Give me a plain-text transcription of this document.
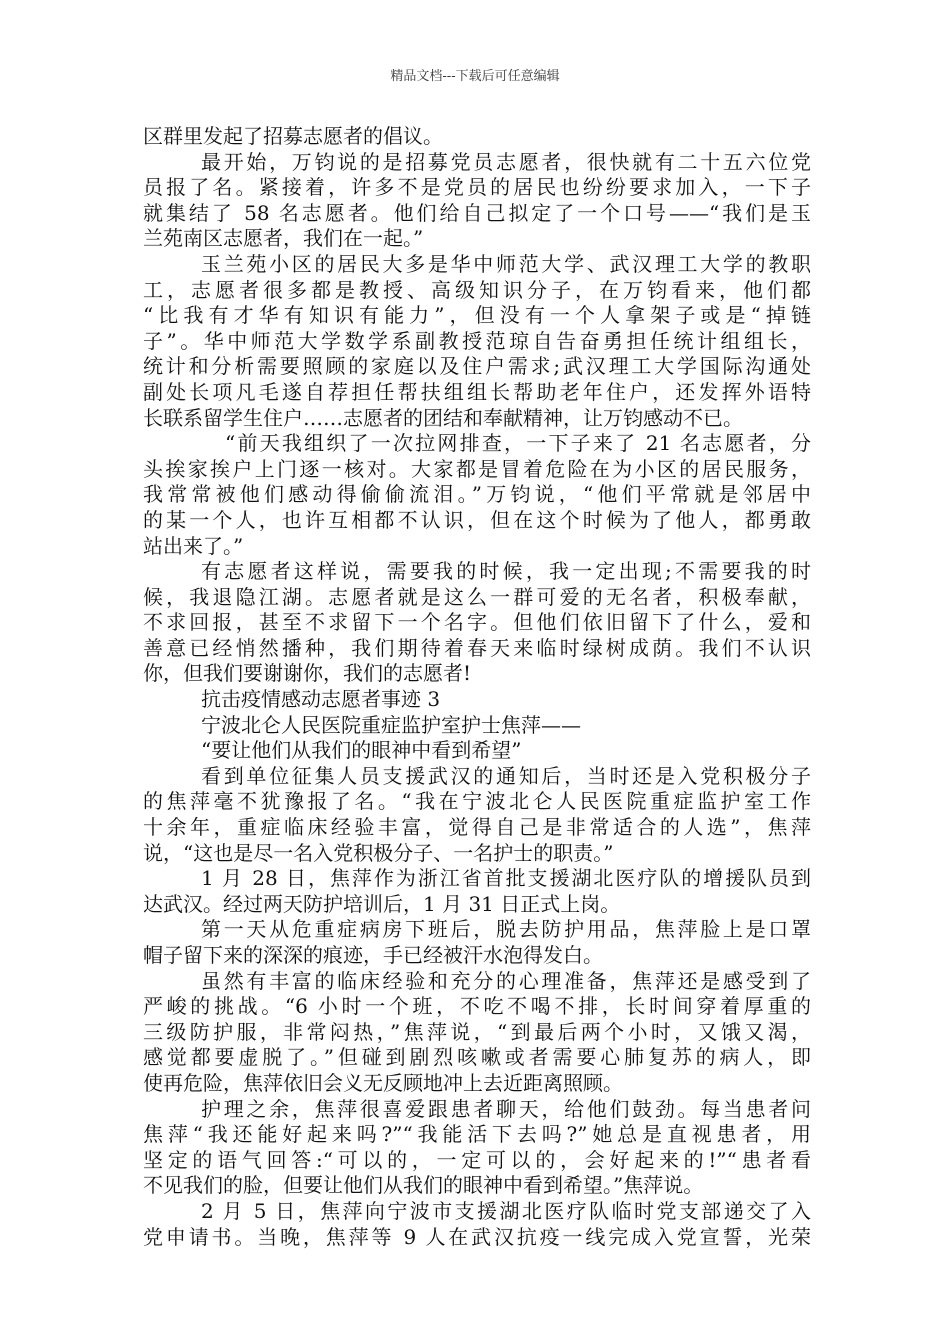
精品文档---下载后可任意编辑
区群里发起了招募志愿者的倡议。
最开始，万钧说的是招募党员志愿者，很快就有二十五六位党
员报了名。紧接着，许多不是党员的居民也纷纷要求加入，一下子
就集结了 58 名志愿者。他们给自己拟定了一个口号——“我们是玉
兰苑南区志愿者，我们在一起。”
玉兰苑小区的居民大多是华中师范大学、武汉理工大学的教职
工，志愿者很多都是教授、高级知识分子，在万钧看来，他们都
“比我有才华有知识有能力”，但没有一个人拿架子或是“掉链
子”。华中师范大学数学系副教授范琼自告奋勇担任统计组组长，
统计和分析需要照顾的家庭以及住户需求;武汉理工大学国际沟通处
副处长项凡毛遂自荐担任帮扶组组长帮助老年住户，还发挥外语特
长联系留学生住户……志愿者的团结和奉献精神，让万钧感动不已。
“前天我组织了一次拉网排查，一下子来了 21 名志愿者，分
头挨家挨户上门逐一核对。大家都是冒着危险在为小区的居民服务，
我常常被他们感动得偷偷流泪。”万钧说，“他们平常就是邻居中
的某一个人，也许互相都不认识，但在这个时候为了他人，都勇敢
站出来了。”
有志愿者这样说，需要我的时候，我一定出现;不需要我的时
候，我退隐江湖。志愿者就是这么一群可爱的无名者，积极奉献，
不求回报，甚至不求留下一个名字。但他们依旧留下了什么，爱和
善意已经悄然播种，我们期待着春天来临时绿树成荫。我们不认识
你，但我们要谢谢你，我们的志愿者!
抗击疫情感动志愿者事迹 3
宁波北仑人民医院重症监护室护士焦萍——
“要让他们从我们的眼神中看到希望”
看到单位征集人员支援武汉的通知后，当时还是入党积极分子
的焦萍毫不犹豫报了名。“我在宁波北仑人民医院重症监护室工作
十余年，重症临床经验丰富，觉得自己是非常适合的人选”，焦萍
说，“这也是尽一名入党积极分子、一名护士的职责。”
1 月 28 日，焦萍作为浙江省首批支援湖北医疗队的增援队员到
达武汉。经过两天防护培训后，1 月 31 日正式上岗。
第一天从危重症病房下班后，脱去防护用品，焦萍脸上是口罩
帽子留下来的深深的痕迹，手已经被汗水泡得发白。
虽然有丰富的临床经验和充分的心理准备，焦萍还是感受到了
严峻的挑战。“6 小时一个班，不吃不喝不排，长时间穿着厚重的
三级防护服，非常闷热，”焦萍说，“到最后两个小时，又饿又渴，
感觉都要虚脱了。”但碰到剧烈咳嗽或者需要心肺复苏的病人，即
使再危险，焦萍依旧会义无反顾地冲上去近距离照顾。
护理之余，焦萍很喜爱跟患者聊天，给他们鼓劲。每当患者问
焦萍“我还能好起来吗?”“我能活下去吗?”她总是直视患者，用
坚定的语气回答:“可以的，一定可以的，会好起来的!”“患者看
不见我们的脸，但要让他们从我们的眼神中看到希望。”焦萍说。
2 月 5 日，焦萍向宁波市支援湖北医疗队临时党支部递交了入
党申请书。当晚，焦萍等 9 人在武汉抗疫一线完成入党宣誓，光荣
